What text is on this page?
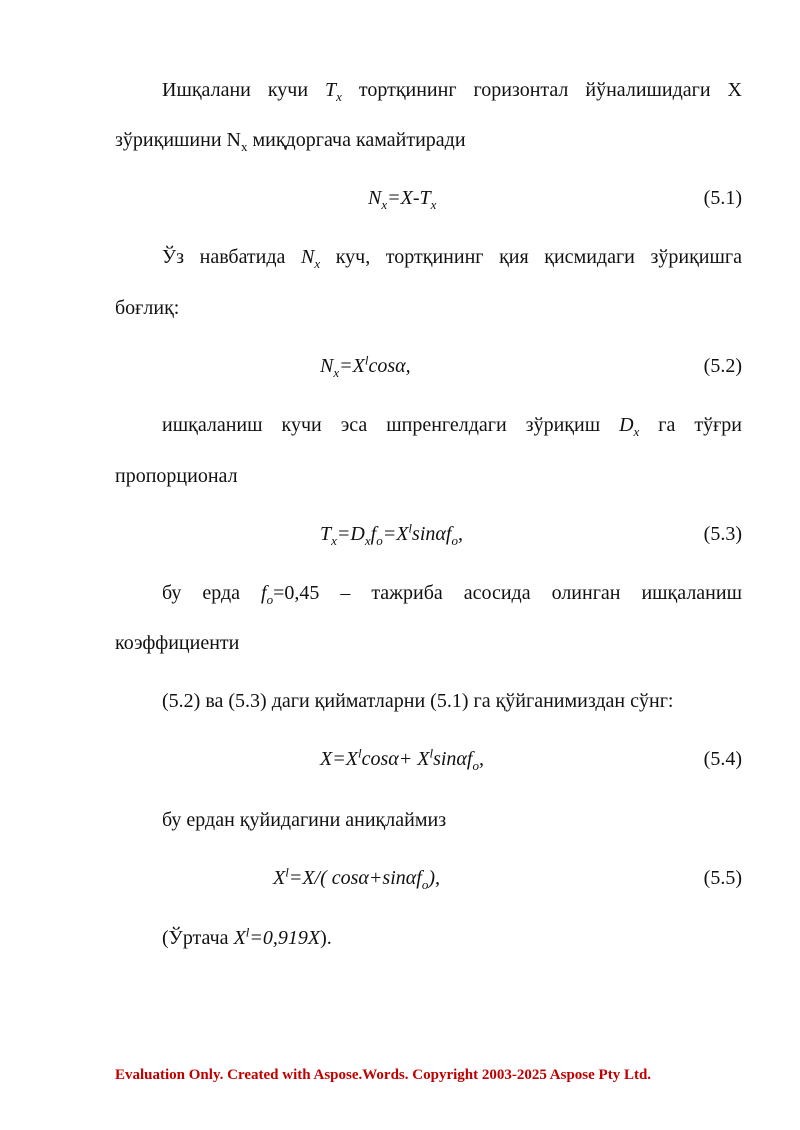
Ишқалани кучи $T_x$ тортқининг горизонтал йўналишидаги X
зўриқишини $N_x$ миқдоргача камайтиради
$N_x=X-T_x$	(5.1)
Ўз навбатида $N_x$ куч, тортқининг қия қисмидаги зўриқишга
боғлиқ:
$N_x=X^l\cos\alpha$,	(5.2)
ишқаланиш кучи эса шпренгелдаги зўриқиш $D_x$ га тўғри
пропорционал
$T_x=D_xf_o=X^l\sin\alpha f_o$,	(5.3)
бу ерда $f_o=0,45$ – тажриба асосида олинган ишқаланиш
коэффициенти
(5.2) ва (5.3) даги қийматларни (5.1) га қўйганимиздан сўнг:
$X=X^l\cos\alpha+ X^l\sin\alpha f_o$,	(5.4)
бу ердан қуйидагини аниқлаймиз
$X^l=X/$( cosα+sinαf$_o$),	(5.5)
(Ўртача $X^l=0,919X$).
Evaluation Only. Created with Aspose.Words. Copyright 2003-2025 Aspose Pty Ltd.
